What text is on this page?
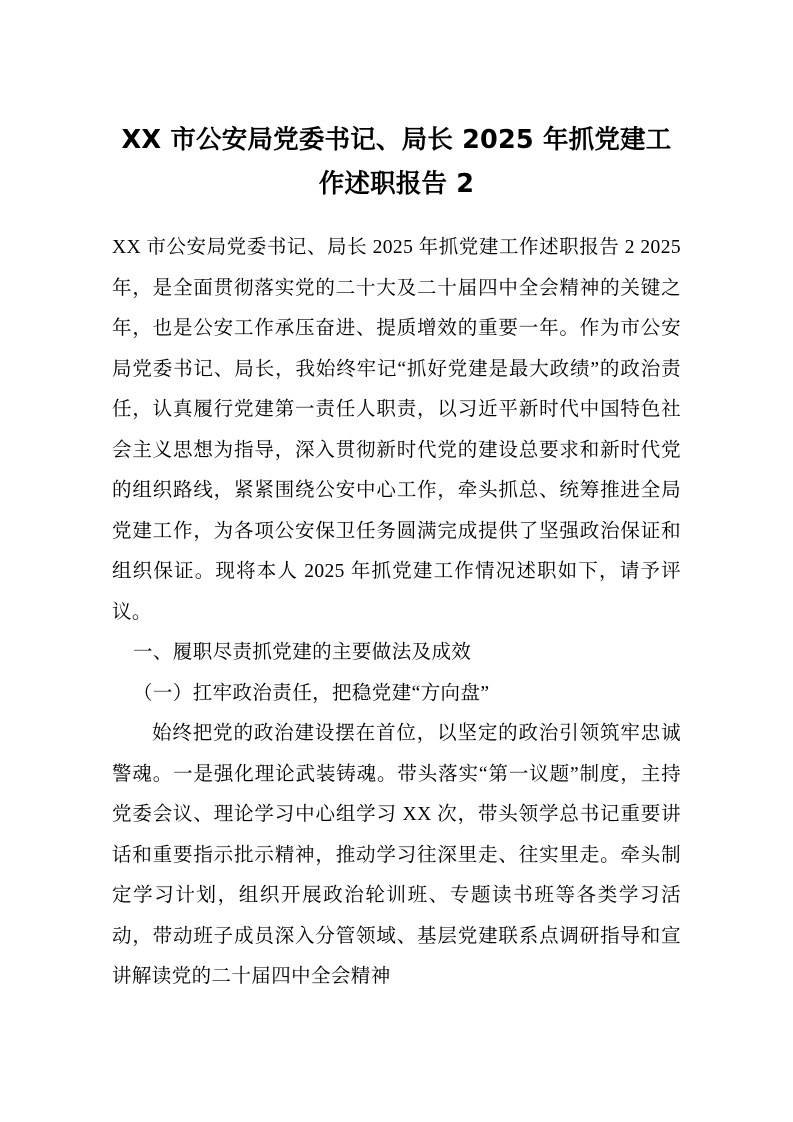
XX 市公安局党委书记、局长 2025 年抓党建工作述职报告 2

XX 市公安局党委书记、局长 2025 年抓党建工作述职报告 2 2025 年，是全面贯彻落实党的二十大及二十届四中全会精神的关键之年，也是公安工作承压奋进、提质增效的重要一年。作为市公安局党委书记、局长，我始终牢记“抓好党建是最大政绩”的政治责任，认真履行党建第一责任人职责，以习近平新时代中国特色社会主义思想为指导，深入贯彻新时代党的建设总要求和新时代党的组织路线，紧紧围绕公安中心工作，牵头抓总、统筹推进全局党建工作，为各项公安保卫任务圆满完成提供了坚强政治保证和组织保证。现将本人 2025 年抓党建工作情况述职如下，请予评议。

一、履职尽责抓党建的主要做法及成效

（一）扛牢政治责任，把稳党建“方向盘”

始终把党的政治建设摆在首位，以坚定的政治引领筑牢忠诚警魂。一是强化理论武装铸魂。带头落实“第一议题”制度，主持党委会议、理论学习中心组学习 XX 次，带头领学总书记重要讲话和重要指示批示精神，推动学习往深里走、往实里走。牵头制定学习计划，组织开展政治轮训班、专题读书班等各类学习活动，带动班子成员深入分管领域、基层党建联系点调研指导和宣讲解读党的二十届四中全会精神
